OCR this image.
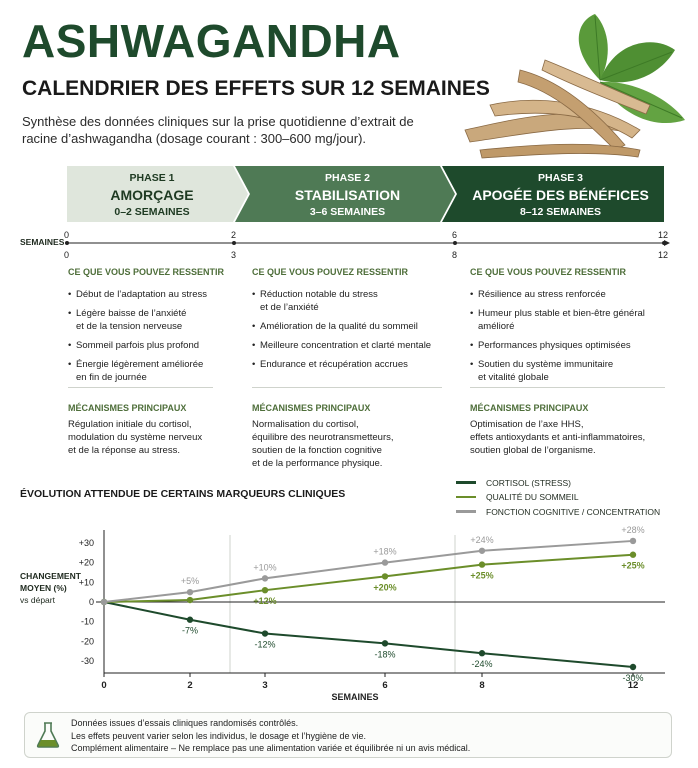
ASHWAGANDHA
CALENDRIER DES EFFETS SUR 12 SEMAINES
Synthèse des données cliniques sur la prise quotidienne d’extrait de racine d’ashwagandha (dosage courant : 300–600 mg/jour).
PHASE 1
AMORÇAGE
0–2 SEMAINES
PHASE 2
STABILISATION
3–6 SEMAINES
PHASE 3
APOGÉE DES BÉNÉFICES
8–12 SEMAINES
SEMAINES
0	2	6	12
0	3	8	12
CE QUE VOUS POUVEZ RESSENTIR
• Début de l’adaptation au stress
• Légère baisse de l’anxiété
et de la tension nerveuse
• Sommeil parfois plus profond
• Énergie légèrement améliorée
en fin de journée
MÉCANISMES PRINCIPAUX
Régulation initiale du cortisol,
modulation du système nerveux
et de la réponse au stress.
CE QUE VOUS POUVEZ RESSENTIR
• Réduction notable du stress
et de l’anxiété
• Amélioration de la qualité du sommeil
• Meilleure concentration et clarté mentale
• Endurance et récupération accrues
MÉCANISMES PRINCIPAUX
Normalisation du cortisol,
équilibre des neurotransmetteurs,
soutien de la fonction cognitive
et de la performance physique.
CE QUE VOUS POUVEZ RESSENTIR
• Résilience au stress renforcée
• Humeur plus stable et bien-être général
amélioré
• Performances physiques optimisées
• Soutien du système immunitaire
et vitalité globale
MÉCANISMES PRINCIPAUX
Optimisation de l’axe HHS,
effets antioxydants et anti-inflammatoires,
soutien global de l’organisme.
ÉVOLUTION ATTENDUE DE CERTAINS MARQUEURS CLINIQUES
CORTISOL (STRESS)
QUALITÉ DU SOMMEIL
FONCTION COGNITIVE / CONCENTRATION
CHANGEMENT
MOYEN (%)
vs départ
+30
+20
+10
0
-10
-20
-30
0	2	3	6	8	12
SEMAINES
-7%
-12%
-18%
-24%
-30%
+12%
+20%
+25%
+25%
+5%
+10%
+18%
+24%
+28%
Données issues d’essais cliniques randomisés contrôlés.
Les effets peuvent varier selon les individus, le dosage et l’hygiène de vie.
Complément alimentaire – Ne remplace pas une alimentation variée et équilibrée ni un avis médical.
